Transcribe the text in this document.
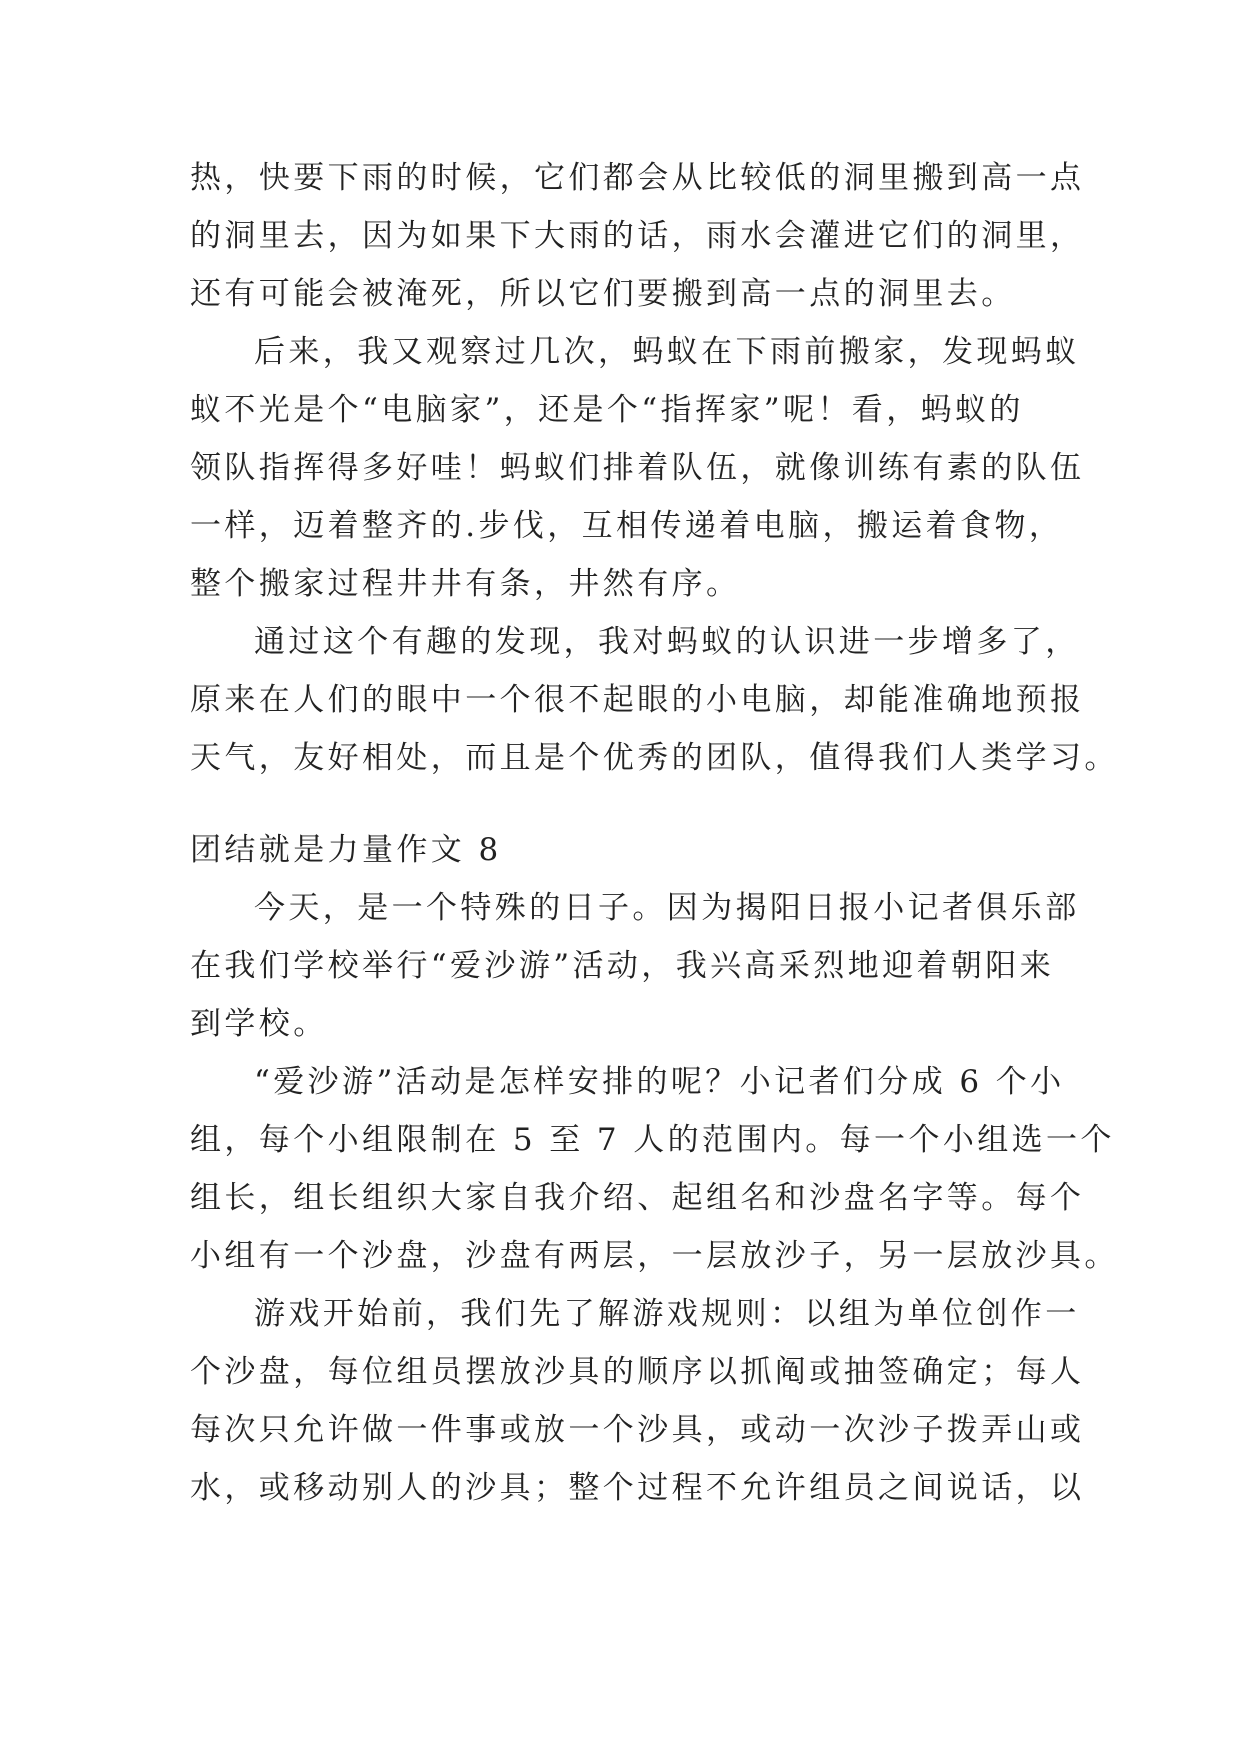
热，快要下雨的时候，它们都会从比较低的洞里搬到高一点
的洞里去，因为如果下大雨的话，雨水会灌进它们的洞里，
还有可能会被淹死，所以它们要搬到高一点的洞里去。
后来，我又观察过几次，蚂蚁在下雨前搬家，发现蚂蚁
蚁不光是个“电脑家”，还是个“指挥家”呢！看，蚂蚁的
领队指挥得多好哇！蚂蚁们排着队伍，就像训练有素的队伍
一样，迈着整齐的.步伐，互相传递着电脑，搬运着食物，
整个搬家过程井井有条，井然有序。
通过这个有趣的发现，我对蚂蚁的认识进一步增多了，
原来在人们的眼中一个很不起眼的小电脑，却能准确地预报
天气，友好相处，而且是个优秀的团队，值得我们人类学习。
团结就是力量作文 8
今天，是一个特殊的日子。因为揭阳日报小记者俱乐部
在我们学校举行“爱沙游”活动，我兴高采烈地迎着朝阳来
到学校。
“爱沙游”活动是怎样安排的呢？小记者们分成 6 个小
组，每个小组限制在 5 至 7 人的范围内。每一个小组选一个
组长，组长组织大家自我介绍、起组名和沙盘名字等。每个
小组有一个沙盘，沙盘有两层，一层放沙子，另一层放沙具。
游戏开始前，我们先了解游戏规则：以组为单位创作一
个沙盘，每位组员摆放沙具的顺序以抓阄或抽签确定；每人
每次只允许做一件事或放一个沙具，或动一次沙子拨弄山或
水，或移动别人的沙具；整个过程不允许组员之间说话，以
